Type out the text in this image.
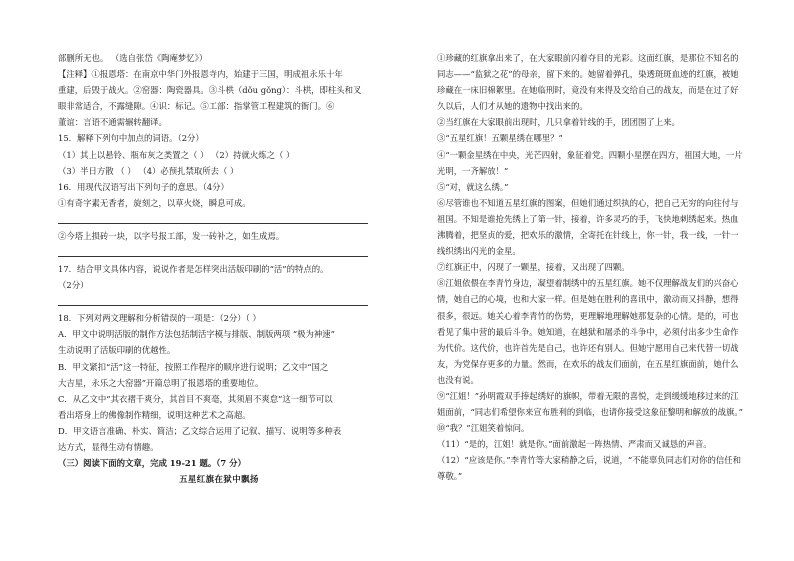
部删所无也。 （选自张岱《陶庵梦忆》）
【注释】①报恩塔：在南京中华门外报恩寺内，始建于三国，明成祖永乐十年
重建，后毁于战火。②窑器：陶瓷器具。③斗栱（dǒu gǒng）：斗栱，即柱头和叉
眼非常适合，不露缝隙。④识：标记。⑤工部：指掌管工程建筑的衙门。⑥
董谊：言语不通需辗转翻译。
15．解释下列句中加点的词语。（2分）
（1）其上以悬铃、瓶布灰之类置之（ ） （2）持就火炼之（ ）
（3）半日方散 （ ） （4）必预扎禁取所去（ ）
16．用现代汉语写出下列句子的意思。（4分）
①有奇字素无香者，旋刻之，以草火烧，瞬息可成。
②今塔上损砖一块，以字号报工部，发一砖补之，如生成焉。
17．结合甲文具体内容，说说作者是怎样突出活版印刷的“活”的特点的。
（2分）
18．下列对两文理解和分析错误的一项是：（2分）（ ）
A．甲文中说明活版的制作方法包括制活字模与排版、制版两项 “极为神速”
生动说明了活版印刷的优越性。
B．甲文紧扣“活”这一特征，按照工作程序的顺序进行说明；乙文中“国之
大吉星，永乐之大窑器”开篇总明了报恩塔的重要地位。
C．从乙文中“其衣褶千爽分，其首目不爽毫，其须眉不爽怠”这一细节可以
看出塔身上的佛像制作精细，说明这种艺术之高超。
D．甲文语言准确、朴实、简洁；乙文综合运用了记叙、描写、说明等多种表
达方式，显得生动有情趣。
（三）阅读下面的文章，完成 19-21 题。（7 分）
五星红旗在狱中飘扬
①珍藏的红旗拿出来了，在大家眼前闪着夺目的光彩。这面红旗，是那位不知名的同志——“监狱之花”的母亲，留下来的。她留着弹孔，染透斑斑血迹的红旗，被她珍藏在一床旧棉絮里。在她临刑时，竟没有来得及交给自己的战友，而是在过了好久以后，人们才从她的遗物中找出来的。
②当红旗在大家眼前出现时，几只拿着针线的手，团团围了上来。
③“五星红旗！五颗星绣在哪里？”
④“一颗金星绣在中央，光芒四射，象征着党。四颗小星摆在四方，祖国大地，一片光明，一齐解放！”
⑤“对，就这么绣。”
⑥尽管谁也不知道五星红旗的图案，但她们通过织执的心，把自己无穷的向往付与祖国。不知是谁抢先绣上了第一针，接着，许多灵巧的手，飞快地刺绣起来。热血沸腾着，把坚贞的爱，把欢乐的激情，全寄托在针线上，你一针，我一线，一针一线织绣出闪光的金星。
⑦红旗正中，闪现了一颗星，接着，又出现了四颗。
⑧江姐依偎在李青竹身边，凝望着制绣中的五星红旗。她不仅理解战友们的兴奋心情，她自己的心境，也和大家一样。但是她在胜利的喜讯中，激动而又抖静，想得很多，很远。她关心着李青竹的伤势，更理解地理解她那复杂的心情。是的，可也看见了集中营的最后斗争。她知道，在越狱和屠杀的斗争中，必须付出多少生命作为代价。这代价，也许首先是自己，也许还有别人。但她宁愿用自己来代替一切战友，为党保存更多的力量。然而，在欢乐的战友们面前，在五星红旗面前，她什么也没有说。
⑨“江姐！”孙明霞双手捧起绣好的旗帜，带着无限的喜悦，走到缓缓地移过来的江姐面前，“同志们希望你来宣布胜利的到临，也请你接受这象征黎明和解放的战旗。”
⑩“我？”江姐笑着惊问。
（11）“是的，江姐！就是你。”面前激起一阵热情、严肃而又诚恳的声音。
（12）“应该是你。”李青竹等大家稍静之后，说道，“不能辜负同志们对你的信任和尊敬。”
